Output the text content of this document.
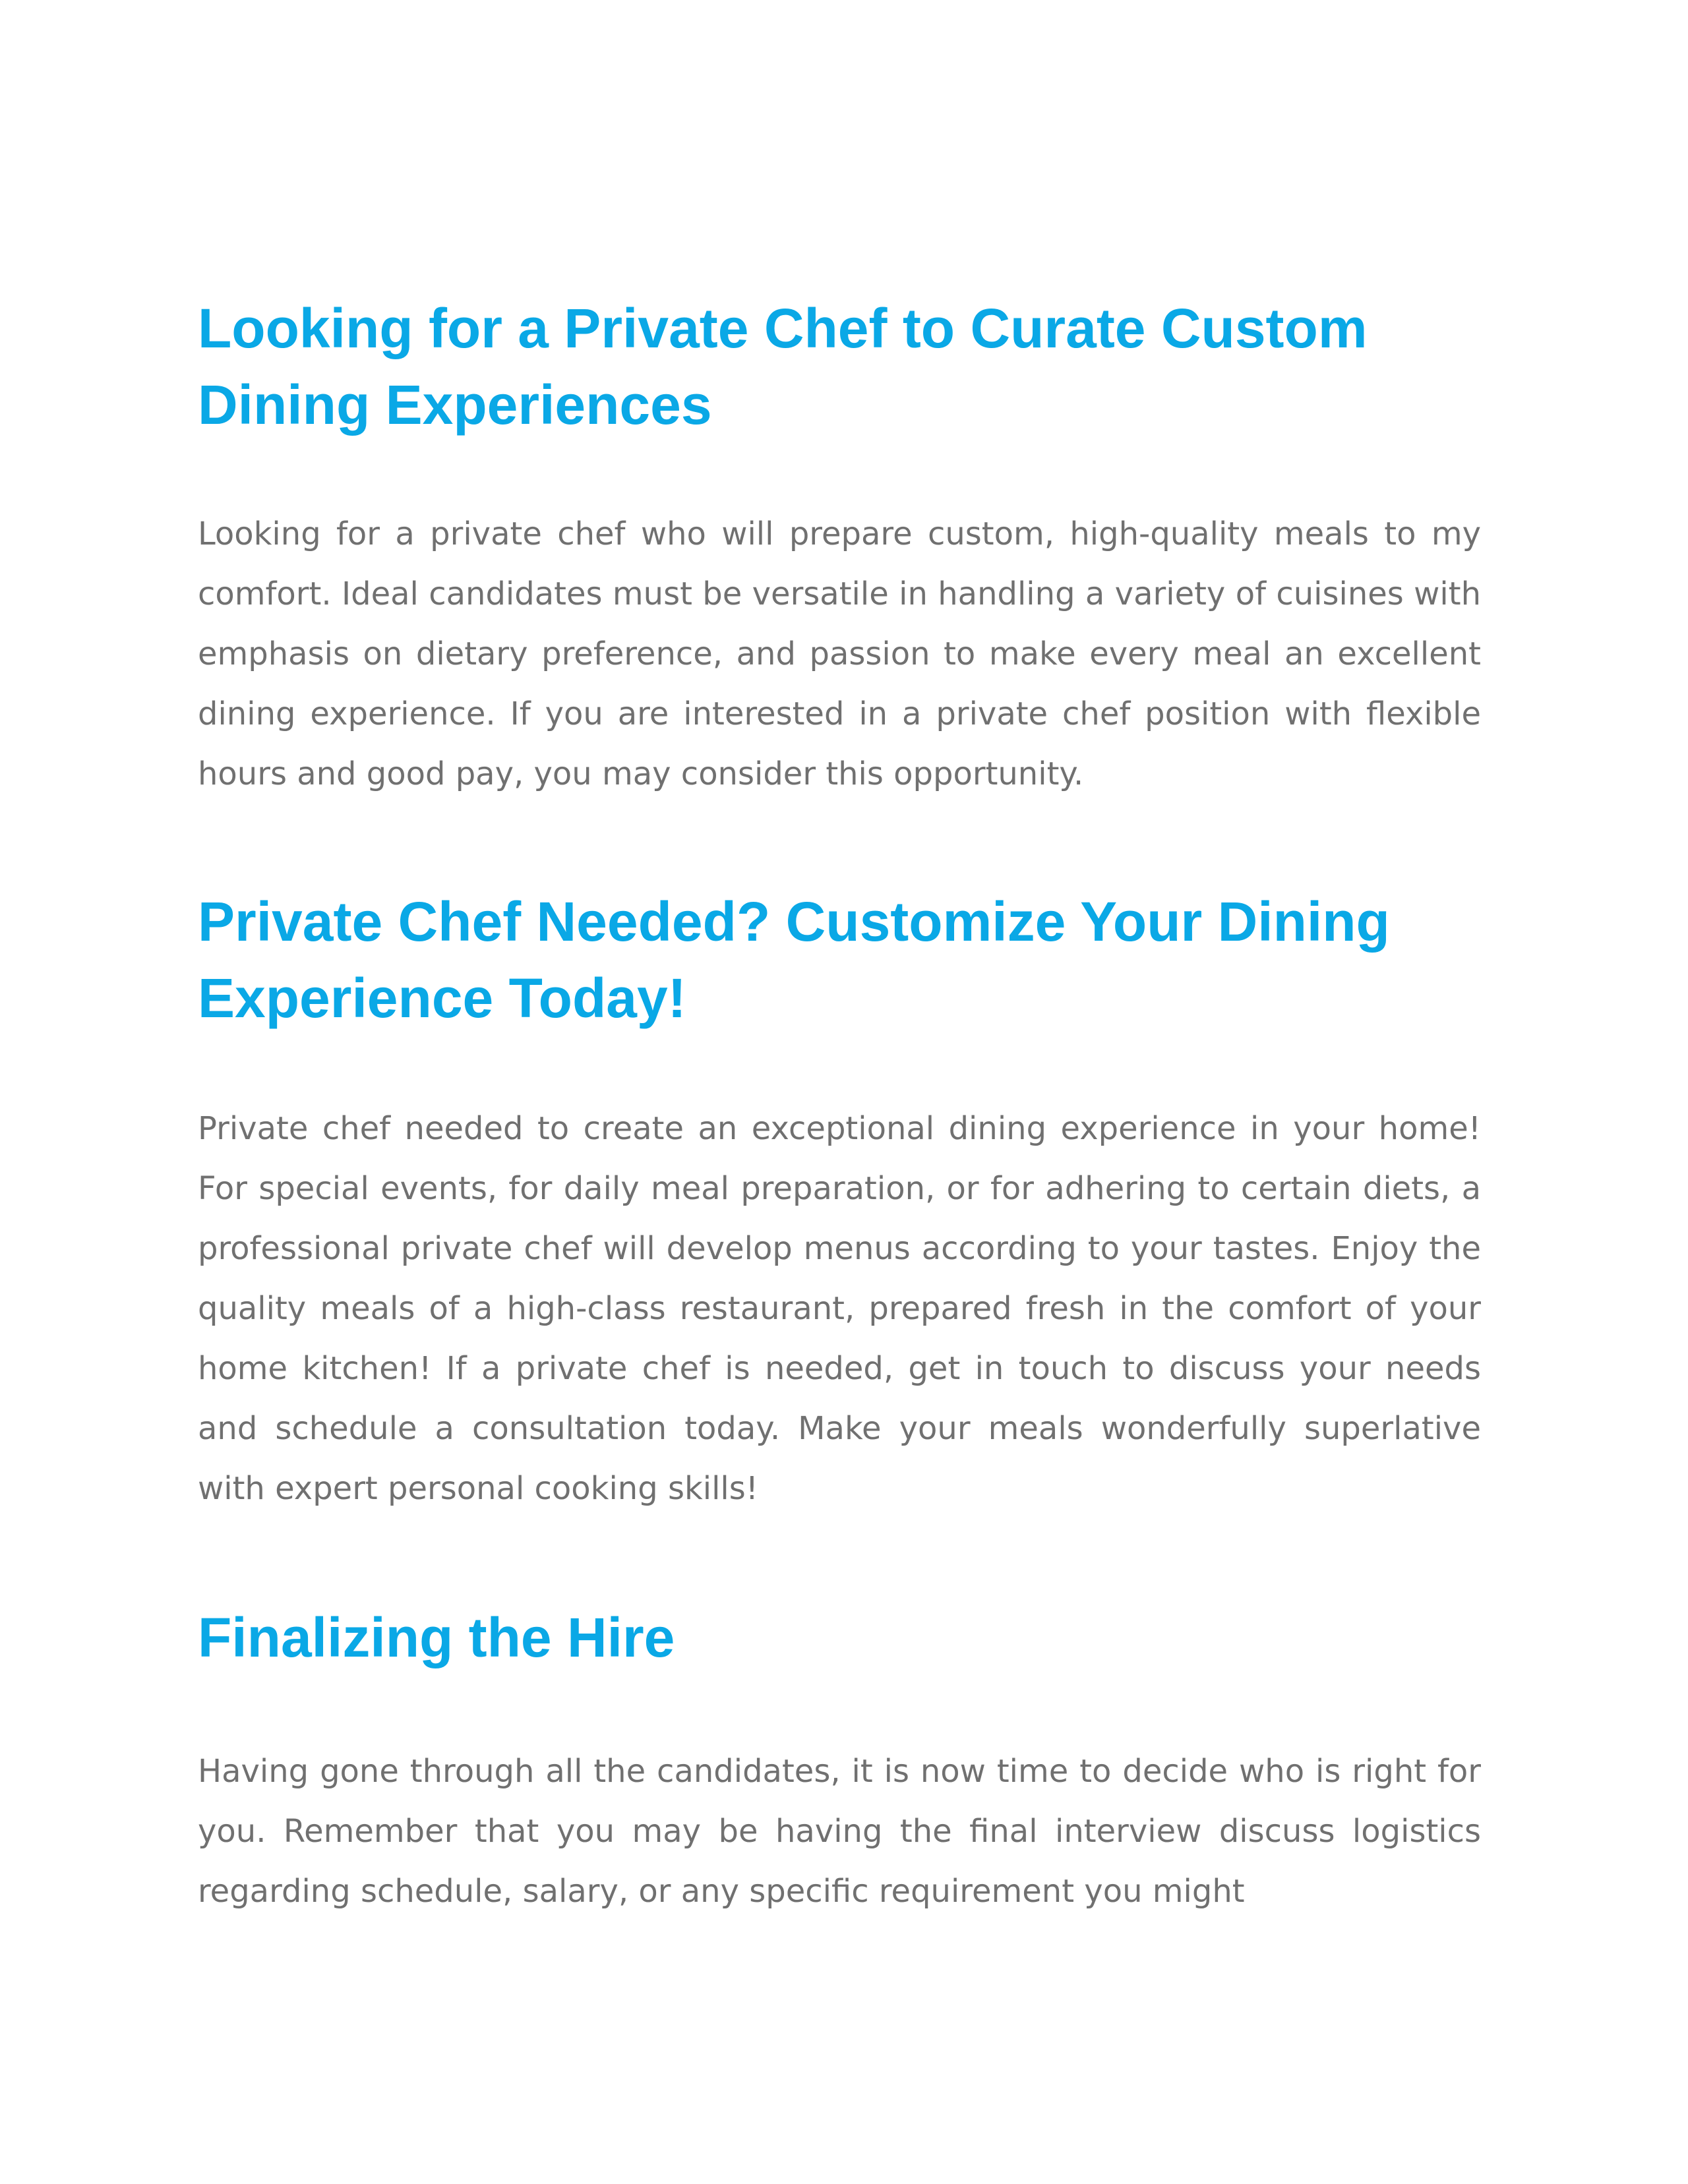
Looking for a Private Chef to Curate Custom Dining Experiences

Looking for a private chef who will prepare custom, high-quality meals to my comfort. Ideal candidates must be versatile in handling a variety of cuisines with emphasis on dietary preference, and passion to make every meal an excellent dining experience. If you are interested in a private chef position with flexible hours and good pay, you may consider this opportunity.

Private Chef Needed? Customize Your Dining Experience Today!

Private chef needed to create an exceptional dining experience in your home! For special events, for daily meal preparation, or for adhering to certain diets, a professional private chef will develop menus according to your tastes. Enjoy the quality meals of a high-class restaurant, prepared fresh in the comfort of your home kitchen! If a private chef is needed, get in touch to discuss your needs and schedule a consultation today. Make your meals wonderfully superlative with expert personal cooking skills!

Finalizing the Hire

Having gone through all the candidates, it is now time to decide who is right for you. Remember that you may be having the final interview discuss logistics regarding schedule, salary, or any specific requirement you might
